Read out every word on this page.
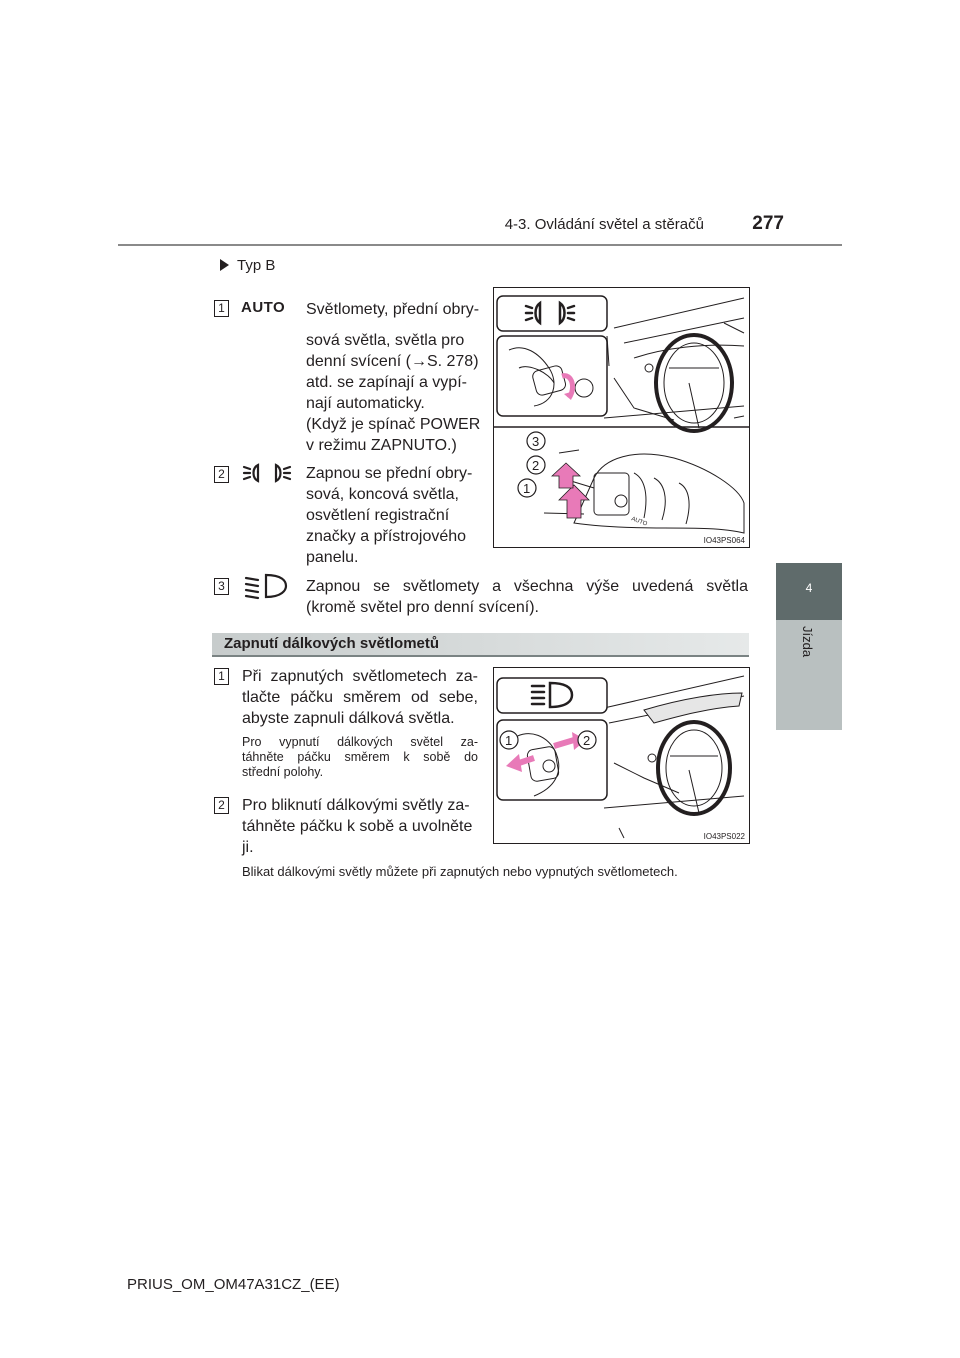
4-3. Ovládání světel a stěračů	277
4
Jízda
Typ B
1 AUTO Světlomety, přední obry-
sová světla, světla pro
denní svícení (→S. 278)
atd. se zapínají a vypí-
nají automaticky.
(Když je spínač POWER
v režimu ZAPNUTO.)
2	Zapnou se přední obry-
sová, koncová světla,
osvětlení registrační
značky a přístrojového
panelu.
3	Zapnou se světlomety a všechna výše uvedená světla
(kromě světel pro denní svícení).
3
2
1
AUTO
IO43PS064
Zapnutí dálkových světlometů
1 Při zapnutých světlometech za-
tlačte páčku směrem od sebe,
abyste zapnuli dálková světla.
Pro vypnutí dálkových světel za-
táhněte páčku směrem k sobě do
střední polohy.
2 Pro bliknutí dálkovými světly za-
táhněte páčku k sobě a uvolněte
ji.
Blikat dálkovými světly můžete při zapnutých nebo vypnutých světlometech.
1	2
IO43PS022
PRIUS_OM_OM47A31CZ_(EE)
